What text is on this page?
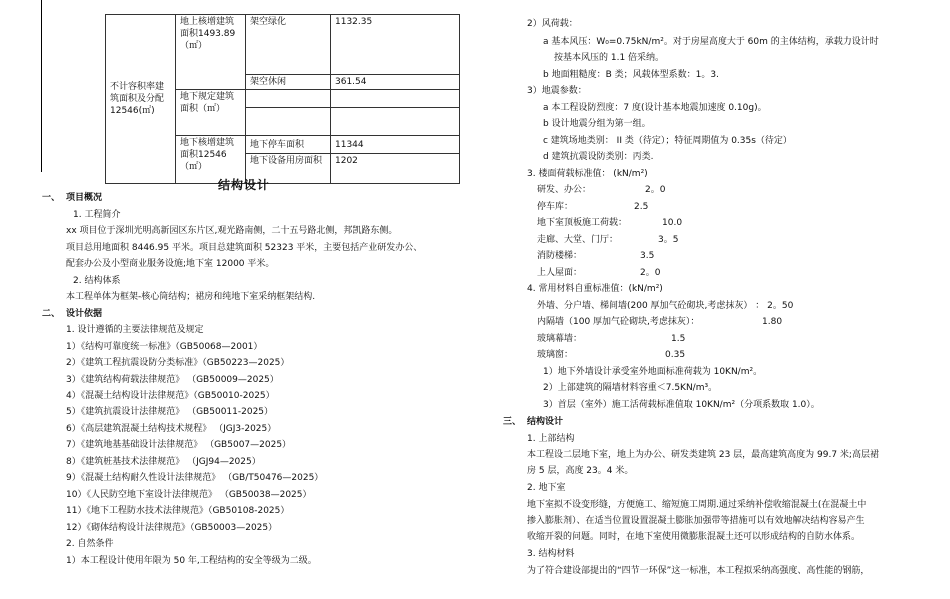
不计容积率建筑面积及分配12546(㎡)	地上核增建筑面积1493.89 （㎡）	架空绿化	1132.35
		架空休闲	361.54
	地下规定建筑面积（㎡）		

	地下核增建筑面积12546（㎡）	地下停车面积	11344
		地下设备用房面积	1202
结构设计
一、 项目概况
1. 工程简介
xx 项目位于深圳光明高新园区东片区,观光路南侧，二十五号路北侧，邦凯路东侧。
项目总用地面积 8446.95 平米。项目总建筑面积 52323 平米，主要包括产业研发办公、
配套办公及小型商业服务设施;地下室 12000 平米。
2. 结构体系
本工程单体为框架-核心筒结构；裙房和纯地下室采纳框架结构.
二、 设计依据
1. 设计遵循的主要法律规范及规定
1）《结构可靠度统一标准》（GB50068—2001）
2）《建筑工程抗震设防分类标准》（GB50223—2025）
3）《建筑结构荷载法律规范》 （GB50009—2025）
4）《混凝土结构设计法律规范》（GB50010-2025）
5）《建筑抗震设计法律规范》 （GB50011-2025）
6）《高层建筑混凝土结构技术规程》 （JGJ3-2025）
7）《建筑地基基础设计法律规范》 （GB5007—2025）
8）《建筑桩基技术法律规范》 （JGJ94—2025）
9）《混凝土结构耐久性设计法律规范》 （GB/T50476—2025）
10）《人民防空地下室设计法律规范》 （GB50038—2025）
11）《地下工程防水技术法律规范》（GB50108-2025）
12）《砌体结构设计法律规范》（GB50003—2025）
2. 自然条件
1）本工程设计使用年限为 50 年,工程结构的安全等级为二级。
2）风荷载：
a 基本风压：W₀=0.75kN/m²。对于房屋高度大于 60m 的主体结构，承载力设计时
按基本风压的 1.1 倍采纳。
b 地面粗糙度：B 类；风载体型系数：1。3.
3）地震参数：
a 本工程设防烈度：7 度(设计基本地震加速度 0.10g)。
b 设计地震分组为第一组。
c 建筑场地类别： II 类（待定）；特征周期值为 0.35s（待定）
d 建筑抗震设防类别：丙类.
3. 楼面荷载标准值： (kN/m²)
研发、办公：	2。0
停车库：	2.5
地下室顶板施工荷载：	10.0
走廊、大堂、门厅：	3。5
消防楼梯：	3.5
上人屋面：	2。0
4. 常用材料自重标准值：(kN/m²)
外墙、分户墙、梯间墙(200 厚加气砼砌块,考虑抹灰） ： 2。50
内隔墙（100 厚加气砼砌块,考虑抹灰）：	1.80
玻璃幕墙：	1.5
玻璃窗：	0.35
1）地下外墙设计承受室外地面标准荷载为 10KN/m²。
2）上部建筑的隔墙材料容重＜7.5KN/m³。
3）首层（室外）施工活荷载标准值取 10KN/m²（分项系数取 1.0）。
三、 结构设计
1. 上部结构
本工程设二层地下室，地上为办公、研发类建筑 23 层，最高建筑高度为 99.7 米;高层裙
房 5 层，高度 23。4 米。
2. 地下室
地下室拟不设变形缝，方便施工、缩短施工周期.通过采纳补偿收缩混凝土(在混凝土中
掺入膨胀剂）、在适当位置设置混凝土膨胀加强带等措施可以有效地解决结构容易产生
收缩开裂的问题。同时，在地下室使用微膨胀混凝土还可以形成结构的自防水体系。
3. 结构材料
为了符合建设部提出的“四节一环保”这一标准，本工程拟采纳高强度、高性能的钢筋，
